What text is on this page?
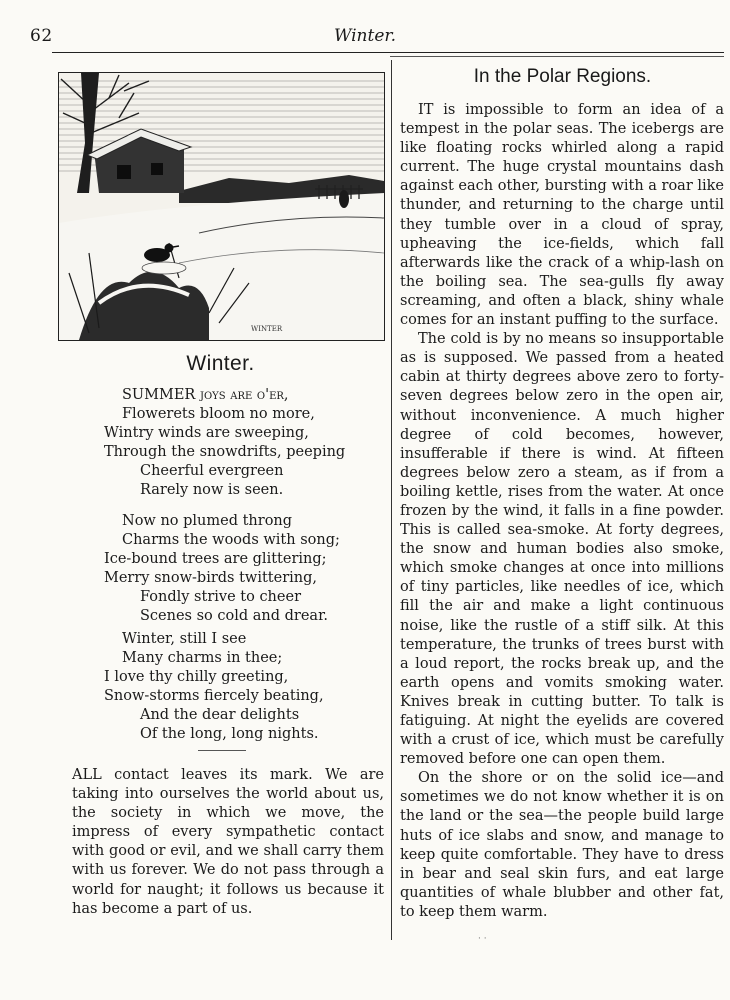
62	Winter.
WINTER
Winter.
SUMMER joys are o'er,
Flowerets bloom no more,
Wintry winds are sweeping,
Through the snowdrifts, peeping
Cheerful evergreen
Rarely now is seen.
Now no plumed throng
Charms the woods with song;
Ice-bound trees are glittering;
Merry snow-birds twittering,
Fondly strive to cheer
Scenes so cold and drear.
Winter, still I see
Many charms in thee;
I love thy chilly greeting,
Snow-storms fiercely beating,
And the dear delights
Of the long, long nights.
ALL contact leaves its mark. We are taking into ourselves the world about us, the society in which we move, the impress of every sympathetic contact with good or evil, and we shall carry them with us forever. We do not pass through a world for naught; it follows us because it has become a part of us.
In the Polar Regions.

IT is impossible to form an idea of a tempest in the polar seas. The icebergs are like floating rocks whirled along a rapid current. The huge crystal mountains dash against each other, bursting with a roar like thunder, and returning to the charge until they tumble over in a cloud of spray, upheaving the ice-fields, which fall afterwards like the crack of a whip-lash on the boiling sea. The sea-gulls fly away screaming, and often a black, shiny whale comes for an instant puffing to the surface.

The cold is by no means so insupportable as is supposed. We passed from a heated cabin at thirty degrees above zero to forty-seven degrees below zero in the open air, without inconvenience. A much higher degree of cold becomes, however, insufferable if there is wind. At fifteen degrees below zero a steam, as if from a boiling kettle, rises from the water. At once frozen by the wind, it falls in a fine powder. This is called sea-smoke. At forty degrees, the snow and human bodies also smoke, which smoke changes at once into millions of tiny particles, like needles of ice, which fill the air and make a light continuous noise, like the rustle of a stiff silk. At this temperature, the trunks of trees burst with a loud report, the rocks break up, and the earth opens and vomits smoking water. Knives break in cutting butter. To talk is fatiguing. At night the eyelids are covered with a crust of ice, which must be carefully removed before one can open them.

On the shore or on the solid ice—and sometimes we do not know whether it is on the land or the sea—the people build large huts of ice slabs and snow, and manage to keep quite comfortable. They have to dress in bear and seal skin furs, and eat large quantities of whale blubber and other fat, to keep them warm.

· ·
